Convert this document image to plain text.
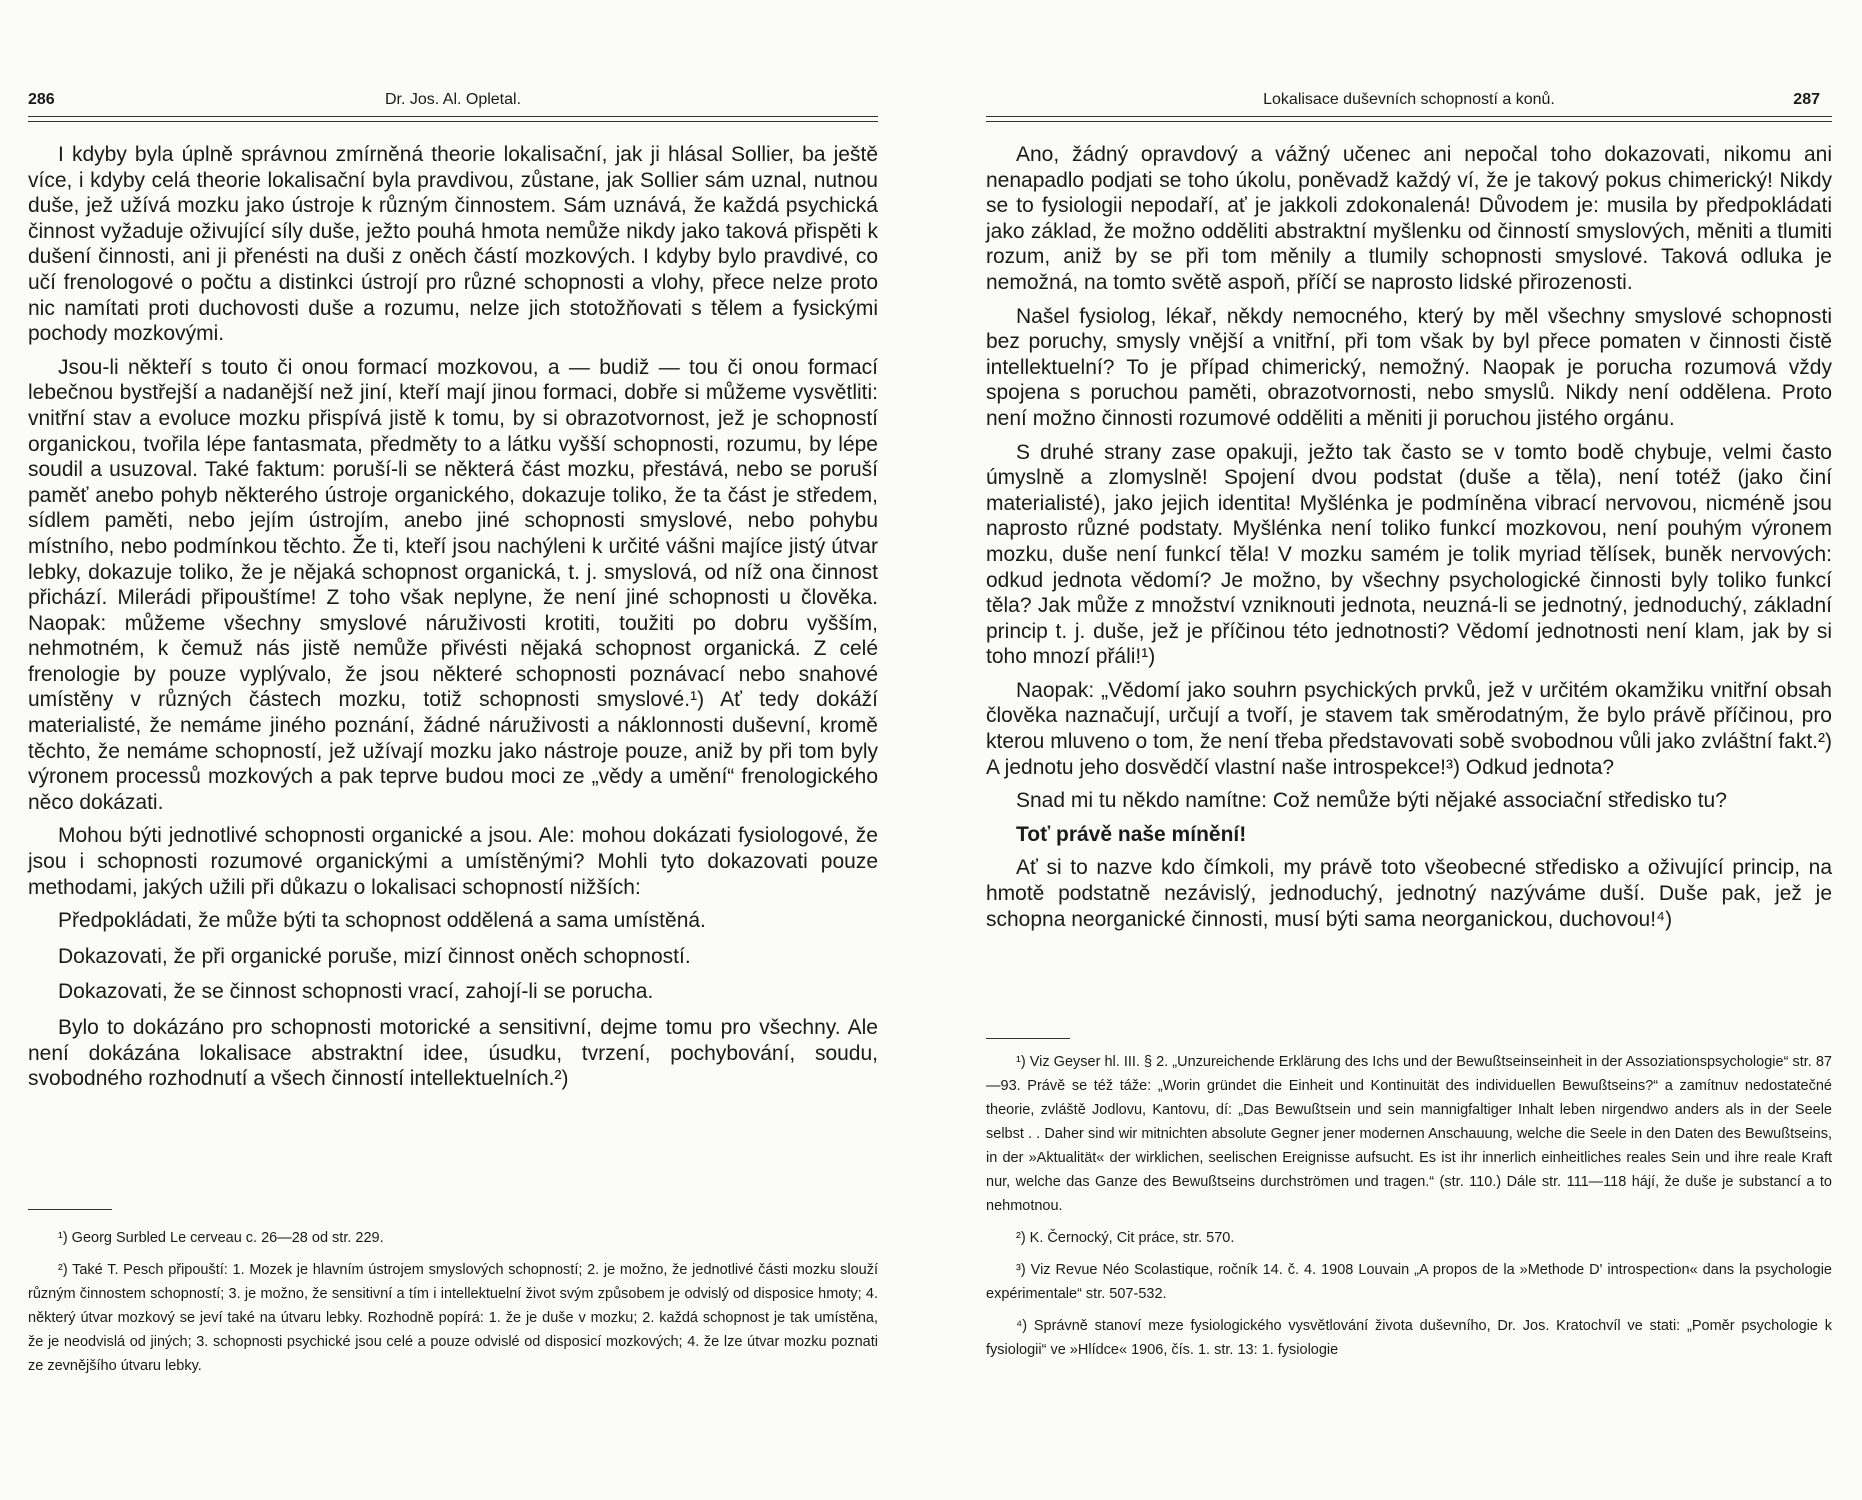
286	Dr. Jos. Al. Opletal.

I kdyby byla úplně správnou zmírněná theorie lokalisační, jak ji hlásal Sollier, ba ještě více, i kdyby celá theorie lokalisační byla pravdivou, zůstane, jak Sollier sám uznal, nutnou duše, jež užívá mozku jako ústroje k různým činnostem. Sám uznává, že každá psychická činnost vyžaduje oživující síly duše, ježto pouhá hmota nemůže nikdy jako taková přispěti k dušení činnosti, ani ji přenésti na duši z oněch částí mozkových. I kdyby bylo pravdivé, co učí frenologové o počtu a distinkci ústrojí pro různé schopnosti a vlohy, přece nelze proto nic namítati proti duchovosti duše a rozumu, nelze jich stotožňovati s tělem a fysickými pochody mozkovými.

Jsou-li někteří s touto či onou formací mozkovou, a — budiž — tou či onou formací lebečnou bystřejší a nadanější než jiní, kteří mají jinou formaci, dobře si můžeme vysvětliti: vnitřní stav a evoluce mozku přispívá jistě k tomu, by si obrazotvornost, jež je schopností organickou, tvořila lépe fantasmata, předměty to a látku vyšší schopnosti, rozumu, by lépe soudil a usuzoval. Také faktum: poruší-li se některá část mozku, přestává, nebo se poruší paměť anebo pohyb některého ústroje organického, dokazuje toliko, že ta část je středem, sídlem paměti, nebo jejím ústrojím, anebo jiné schopnosti smyslové, nebo pohybu místního, nebo podmínkou těchto. Že ti, kteří jsou nachýleni k určité vášni majíce jistý útvar lebky, dokazuje toliko, že je nějaká schopnost organická, t. j. smyslová, od níž ona činnost přichází. Milerádi připouštíme! Z toho však neplyne, že není jiné schopnosti u člověka. Naopak: můžeme všechny smyslové náruživosti krotiti, toužiti po dobru vyšším, nehmotném, k čemuž nás jistě nemůže přivésti nějaká schopnost organická. Z celé frenologie by pouze vyplývalo, že jsou některé schopnosti poznávací nebo snahové umístěny v různých částech mozku, totiž schopnosti smyslové.¹) Ať tedy dokáží materialisté, že nemáme jiného poznání, žádné náruživosti a náklonnosti duševní, kromě těchto, že nemáme schopností, jež užívají mozku jako nástroje pouze, aniž by při tom byly výronem processů mozkových a pak teprve budou moci ze „vědy a umění“ frenologického něco dokázati.

Mohou býti jednotlivé schopnosti organické a jsou. Ale: mohou dokázati fysiologové, že jsou i schopnosti rozumové organickými a umístěnými? Mohli tyto dokazovati pouze methodami, jakých užili při důkazu o lokalisaci schopností nižších:

Předpokládati, že může býti ta schopnost oddělená a sama umístěná.

Dokazovati, že při organické poruše, mizí činnost oněch schopností.

Dokazovati, že se činnost schopnosti vrací, zahojí-li se porucha.

Bylo to dokázáno pro schopnosti motorické a sensitivní, dejme tomu pro všechny. Ale není dokázána lokalisace abstraktní idee, úsudku, tvrzení, pochybování, soudu, svobodného rozhodnutí a všech činností intellektuelních.²)

¹) Georg Surbled Le cerveau c. 26—28 od str. 229.

²) Také T. Pesch připouští: 1. Mozek je hlavním ústrojem smyslových schopností; 2. je možno, že jednotlivé části mozku slouží různým činnostem schopností; 3. je možno, že sensitivní a tím i intellektuelní život svým způsobem je odvislý od disposice hmoty; 4. některý útvar mozkový se jeví také na útvaru lebky. Rozhodně popírá: 1. že je duše v mozku; 2. každá schopnost je tak umístěna, že je neodvislá od jiných; 3. schopnosti psychické jsou celé a pouze odvislé od disposicí mozkových; 4. že lze útvar mozku poznati ze zevnějšího útvaru lebky.

Lokalisace duševních schopností a konů.	287

Ano, žádný opravdový a vážný učenec ani nepočal toho dokazovati, nikomu ani nenapadlo podjati se toho úkolu, poněvadž každý ví, že je takový pokus chimerický! Nikdy se to fysiologii nepodaří, ať je jakkoli zdokonalená! Důvodem je: musila by předpokládati jako základ, že možno odděliti abstraktní myšlenku od činností smyslových, měniti a tlumiti rozum, aniž by se při tom měnily a tlumily schopnosti smyslové. Taková odluka je nemožná, na tomto světě aspoň, příčí se naprosto lidské přirozenosti.

Našel fysiolog, lékař, někdy nemocného, který by měl všechny smyslové schopnosti bez poruchy, smysly vnější a vnitřní, při tom však by byl přece pomaten v činnosti čistě intellektuelní? To je případ chimerický, nemožný. Naopak je porucha rozumová vždy spojena s poruchou paměti, obrazotvornosti, nebo smyslů. Nikdy není oddělena. Proto není možno činnosti rozumové odděliti a měniti ji poruchou jistého orgánu.

S druhé strany zase opakuji, ježto tak často se v tomto bodě chybuje, velmi často úmyslně a zlomyslně! Spojení dvou podstat (duše a těla), není totéž (jako činí materialisté), jako jejich identita! Myšlénka je podmíněna vibrací nervovou, nicméně jsou naprosto různé podstaty. Myšlénka není toliko funkcí mozkovou, není pouhým výronem mozku, duše není funkcí těla! V mozku samém je tolik myriad tělísek, buněk nervových: odkud jednota vědomí? Je možno, by všechny psychologické činnosti byly toliko funkcí těla? Jak může z množství vzniknouti jednota, neuzná-li se jednotný, jednoduchý, základní princip t. j. duše, jež je příčinou této jednotnosti? Vědomí jednotnosti není klam, jak by si toho mnozí přáli!¹)

Naopak: „Vědomí jako souhrn psychických prvků, jež v určitém okamžiku vnitřní obsah člověka naznačují, určují a tvoří, je stavem tak směrodatným, že bylo právě příčinou, pro kterou mluveno o tom, že není třeba představovati sobě svobodnou vůli jako zvláštní fakt.²) A jednotu jeho dosvědčí vlastní naše introspekce!³) Odkud jednota?

Snad mi tu někdo namítne: Což nemůže býti nějaké associační středisko tu?

Toť právě naše mínění!

Ať si to nazve kdo čímkoli, my právě toto všeobecné středisko a oživující princip, na hmotě podstatně nezávislý, jednoduchý, jednotný nazýváme duší. Duše pak, jež je schopna neorganické činnosti, musí býti sama neorganickou, duchovou!⁴)

¹) Viz Geyser hl. III. § 2. „Unzureichende Erklärung des Ichs und der Bewußtseinseinheit in der Assoziationspsychologie“ str. 87—93. Právě se též táže: „Worin gründet die Einheit und Kontinuität des individuellen Bewußtseins?“ a zamítnuv nedostatečné theorie, zvláště Jodlovu, Kantovu, dí: „Das Bewußtsein und sein mannigfaltiger Inhalt leben nirgendwo anders als in der Seele selbst . . Daher sind wir mitnichten absolute Gegner jener modernen Anschauung, welche die Seele in den Daten des Bewußtseins, in der »Aktualität« der wirklichen, seelischen Ereignisse aufsucht. Es ist ihr innerlich einheitliches reales Sein und ihre reale Kraft nur, welche das Ganze des Bewußtseins durchströmen und tragen.“ (str. 110.) Dále str. 111—118 hájí, že duše je substancí a to nehmotnou.

²) K. Černocký, Cit práce, str. 570.

³) Viz Revue Néo Scolastique, ročník 14. č. 4. 1908 Louvain „A propos de la »Methode D' introspection« dans la psychologie expérimentale“ str. 507-532.

⁴) Správně stanoví meze fysiologického vysvětlování života duševního, Dr. Jos. Kratochvíl ve stati: „Poměr psychologie k fysiologii“ ve »Hlídce« 1906, čís. 1. str. 13: 1. fysiologie
